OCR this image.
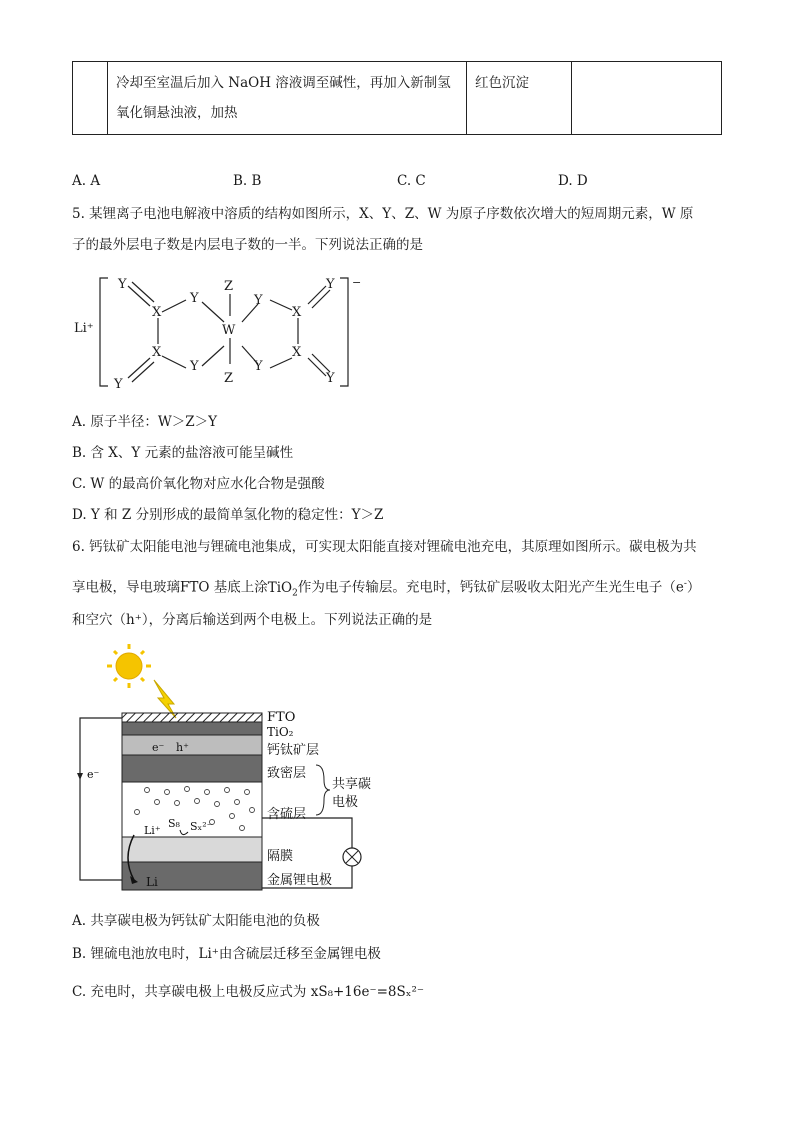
冷却至室温后加入 NaOH 溶液调至碱性，再加入新制氢
氧化铜悬浊液，加热
	红色沉淀	
A. A	B. B	C. C	D. D
5. 某锂离子电池电解液中溶质的结构如图所示，X、Y、Z、W 为原子序数依次增大的短周期元素，W 原
子的最外层电子数是内层电子数的一半。下列说法正确的是
Li⁺
−
Y
X
X
Y
Y
Y
Z
W
Z
Y
Y
X
X
Y
Y
A. 原子半径：W＞Z＞Y
B. 含 X、Y 元素的盐溶液可能呈碱性
C. W 的最高价氧化物对应水化合物是强酸
D. Y 和 Z 分别形成的最简单氢化物的稳定性：Y＞Z
6. 钙钛矿太阳能电池与锂硫电池集成，可实现太阳能直接对锂硫电池充电，其原理如图所示。碳电极为共
享电极，导电玻璃FTO 基底上涂TiO$_2$作为电子传输层。充电时，钙钛矿层吸收太阳光产生光生电子（e-）
和空穴（h⁺），分离后输送到两个电极上。下列说法正确的是
e⁻ h⁺
Li⁺
S₈ Sₓ²⁻
Li
e⁻
FTO
TiO₂
钙钛矿层
致密层
含硫层
共享碳
电极
隔膜
金属锂电极
A. 共享碳电极为钙钛矿太阳能电池的负极
B. 锂硫电池放电时，Li⁺由含硫层迁移至金属锂电极
C. 充电时，共享碳电极上电极反应式为 xS₈+16e⁻=8Sₓ²⁻
